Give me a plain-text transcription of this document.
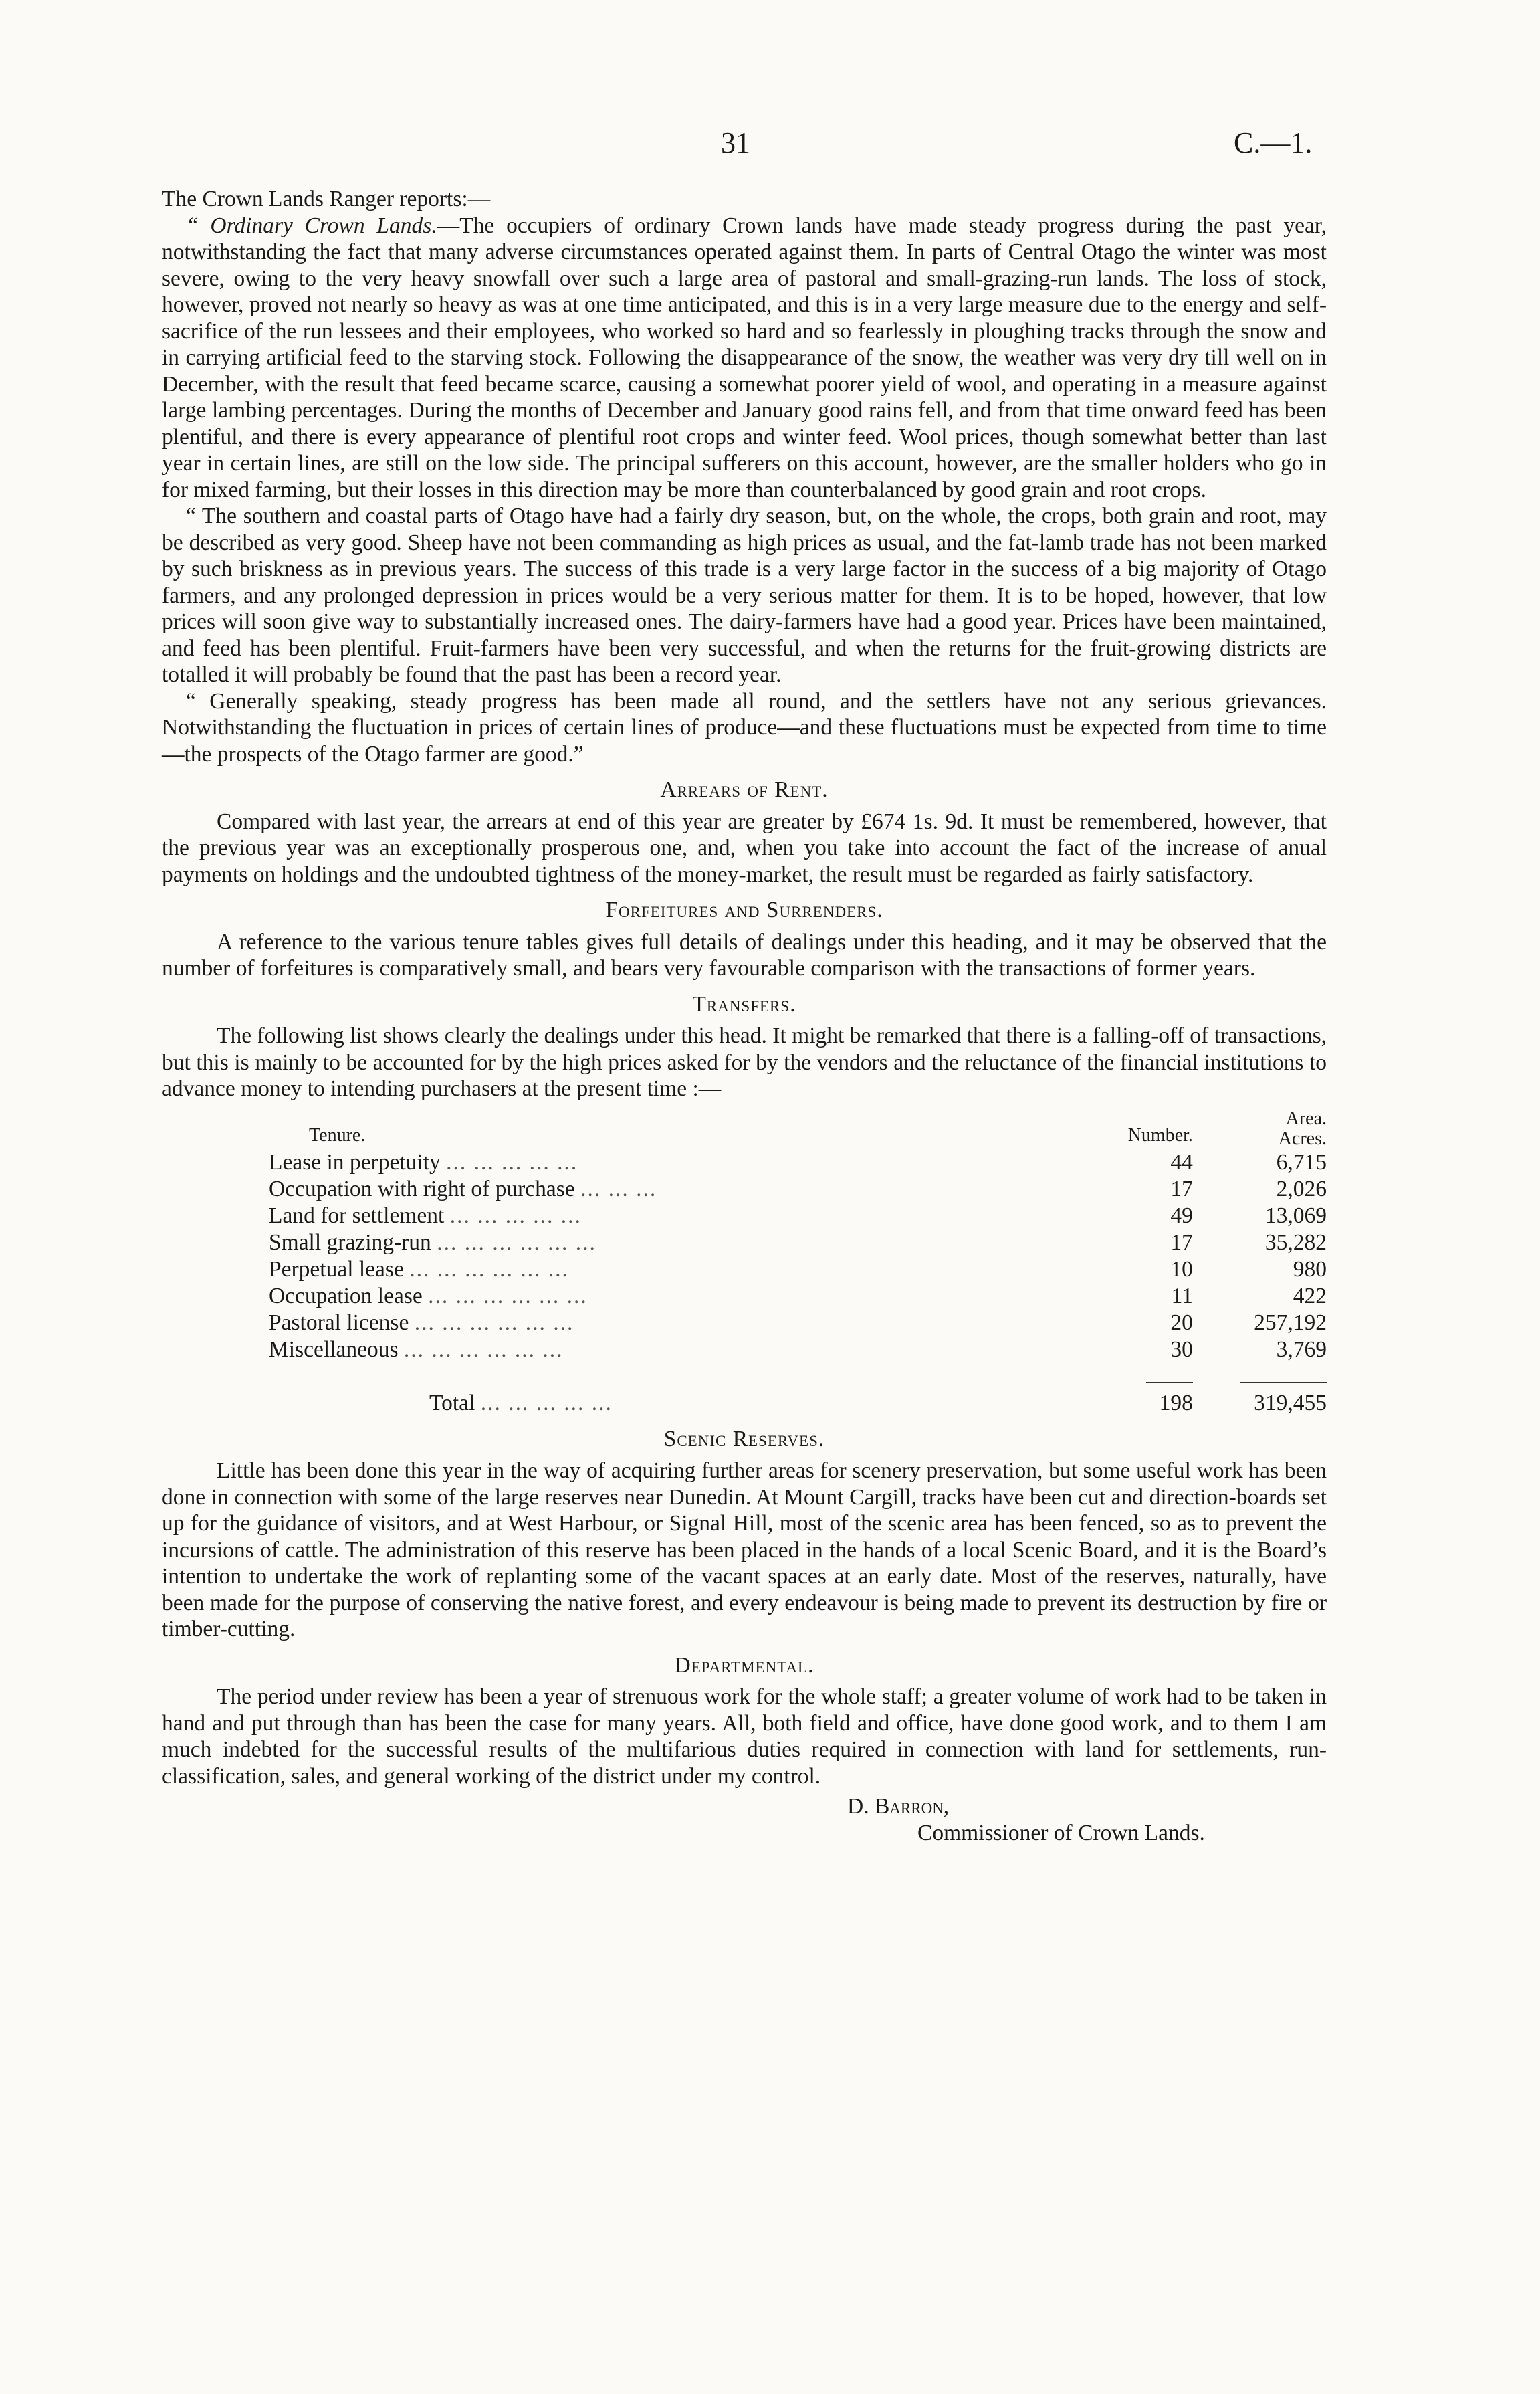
31	C.—1.

The Crown Lands Ranger reports:—

“ Ordinary Crown Lands.—The occupiers of ordinary Crown lands have made steady progress during the past year, notwithstanding the fact that many adverse circumstances operated against them. In parts of Central Otago the winter was most severe, owing to the very heavy snowfall over such a large area of pastoral and small-grazing-run lands. The loss of stock, however, proved not nearly so heavy as was at one time anticipated, and this is in a very large measure due to the energy and self-sacrifice of the run lessees and their employees, who worked so hard and so fearlessly in ploughing tracks through the snow and in carrying artificial feed to the starving stock. Following the disappearance of the snow, the weather was very dry till well on in December, with the result that feed became scarce, causing a somewhat poorer yield of wool, and operating in a measure against large lambing percentages. During the months of December and January good rains fell, and from that time onward feed has been plentiful, and there is every appearance of plentiful root crops and winter feed. Wool prices, though somewhat better than last year in certain lines, are still on the low side. The principal sufferers on this account, however, are the smaller holders who go in for mixed farming, but their losses in this direction may be more than counterbalanced by good grain and root crops.

“ The southern and coastal parts of Otago have had a fairly dry season, but, on the whole, the crops, both grain and root, may be described as very good. Sheep have not been commanding as high prices as usual, and the fat-lamb trade has not been marked by such briskness as in previous years. The success of this trade is a very large factor in the success of a big majority of Otago farmers, and any prolonged depression in prices would be a very serious matter for them. It is to be hoped, however, that low prices will soon give way to substantially increased ones. The dairy-farmers have had a good year. Prices have been maintained, and feed has been plentiful. Fruit-farmers have been very successful, and when the returns for the fruit-growing districts are totalled it will probably be found that the past has been a record year.

“ Generally speaking, steady progress has been made all round, and the settlers have not any serious grievances. Notwithstanding the fluctuation in prices of certain lines of produce—and these fluctuations must be expected from time to time—the prospects of the Otago farmer are good.”

Arrears of Rent.

Compared with last year, the arrears at end of this year are greater by £674 1s. 9d. It must be remembered, however, that the previous year was an exceptionally prosperous one, and, when you take into account the fact of the increase of anual payments on holdings and the undoubted tightness of the money-market, the result must be regarded as fairly satisfactory.

Forfeitures and Surrenders.

A reference to the various tenure tables gives full details of dealings under this heading, and it may be observed that the number of forfeitures is comparatively small, and bears very favourable comparison with the transactions of former years.

Transfers.

The following list shows clearly the dealings under this head. It might be remarked that there is a falling-off of transactions, but this is mainly to be accounted for by the high prices asked for by the vendors and the reluctance of the financial institutions to advance money to intending purchasers at the present time :—

Tenure.	Number.	Area.
Acres.

Lease in perpetuity ... ... ... ... ...	44	6,715
Occupation with right of purchase ... ... ...	17	2,026
Land for settlement ... ... ... ... ...	49	13,069
Small grazing-run ... ... ... ... ... ...	17	35,282
Perpetual lease ... ... ... ... ... ...	10	980
Occupation lease ... ... ... ... ... ...	11	422
Pastoral license ... ... ... ... ... ...	20	257,192
Miscellaneous ... ... ... ... ... ...	30	3,769

Total ... ... ... ... ...	198	319,455
Scenic Reserves.

Little has been done this year in the way of acquiring further areas for scenery preservation, but some useful work has been done in connection with some of the large reserves near Dunedin. At Mount Cargill, tracks have been cut and direction-boards set up for the guidance of visitors, and at West Harbour, or Signal Hill, most of the scenic area has been fenced, so as to prevent the incursions of cattle. The administration of this reserve has been placed in the hands of a local Scenic Board, and it is the Board’s intention to undertake the work of replanting some of the vacant spaces at an early date. Most of the reserves, naturally, have been made for the purpose of conserving the native forest, and every endeavour is being made to prevent its destruction by fire or timber-cutting.

Departmental.

The period under review has been a year of strenuous work for the whole staff; a greater volume of work had to be taken in hand and put through than has been the case for many years. All, both field and office, have done good work, and to them I am much indebted for the successful results of the multifarious duties required in connection with land for settlements, run-classification, sales, and general working of the district under my control.

D. Barron,
Commissioner of Crown Lands.
